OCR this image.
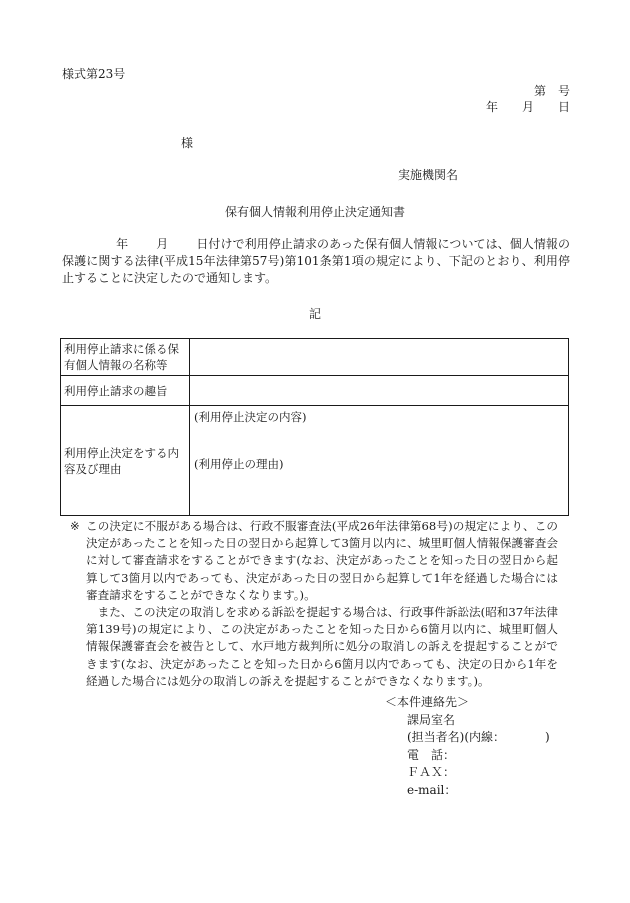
様式第23号
第　号
年　　月　　日
様
実施機関名
保有個人情報利用停止決定通知書
年 月 日付けで利用停止請求のあった保有個人情報については、個人情報の保護に関する法律(平成15年法律第57号)第101条第1項の規定により、下記のとおり、利用停止することに決定したので通知します。
記
利用停止請求に係る保有個人情報の名称等	
利用停止請求の趣旨	
利用停止決定をする内容及び理由	(利用停止決定の内容)
(利用停止の理由)
※ この決定に不服がある場合は、行政不服審査法(平成26年法律第68号)の規定により、この決定があったことを知った日の翌日から起算して3箇月以内に、城里町個人情報保護審査会に対して審査請求をすることができます(なお、決定があったことを知った日の翌日から起算して3箇月以内であっても、決定があった日の翌日から起算して1年を経過した場合には審査請求をすることができなくなります。)。

また、この決定の取消しを求める訴訟を提起する場合は、行政事件訴訟法(昭和37年法律第139号)の規定により、この決定があったことを知った日から6箇月以内に、城里町個人情報保護審査会を被告として、水戸地方裁判所に処分の取消しの訴えを提起することができます(なお、決定があったことを知った日から6箇月以内であっても、決定の日から1年を経過した場合には処分の取消しの訴えを提起することができなくなります。)。

＜本件連絡先＞
課局室名
(担当者名)(内線：	)
電　話：
ＦＡＸ：
e-mail：
